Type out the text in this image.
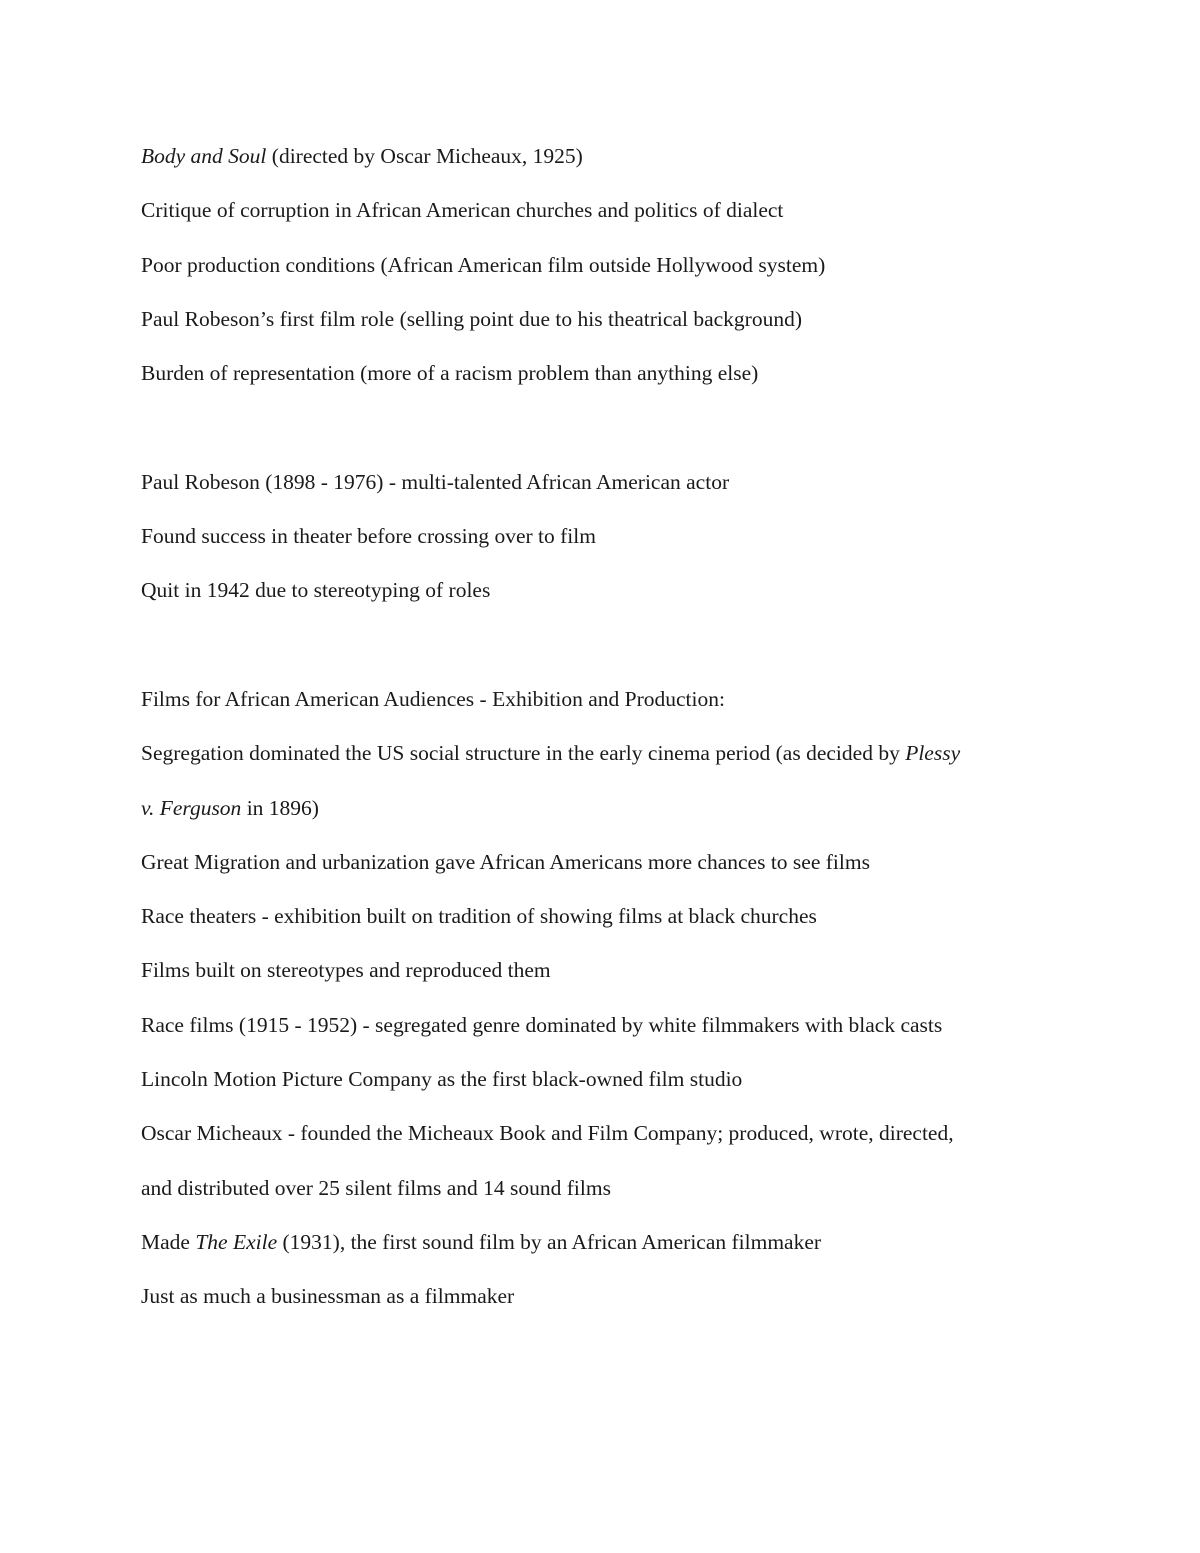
Body and Soul (directed by Oscar Micheaux, 1925)
Critique of corruption in African American churches and politics of dialect
Poor production conditions (African American film outside Hollywood system)
Paul Robeson’s first film role (selling point due to his theatrical background)
Burden of representation (more of a racism problem than anything else)
Paul Robeson (1898 - 1976) - multi-talented African American actor
Found success in theater before crossing over to film
Quit in 1942 due to stereotyping of roles
Films for African American Audiences - Exhibition and Production:
Segregation dominated the US social structure in the early cinema period (as decided by Plessy
v. Ferguson in 1896)
Great Migration and urbanization gave African Americans more chances to see films
Race theaters - exhibition built on tradition of showing films at black churches
Films built on stereotypes and reproduced them
Race films (1915 - 1952) - segregated genre dominated by white filmmakers with black casts
Lincoln Motion Picture Company as the first black-owned film studio
Oscar Micheaux - founded the Micheaux Book and Film Company; produced, wrote, directed,
and distributed over 25 silent films and 14 sound films
Made The Exile (1931), the first sound film by an African American filmmaker
Just as much a businessman as a filmmaker
